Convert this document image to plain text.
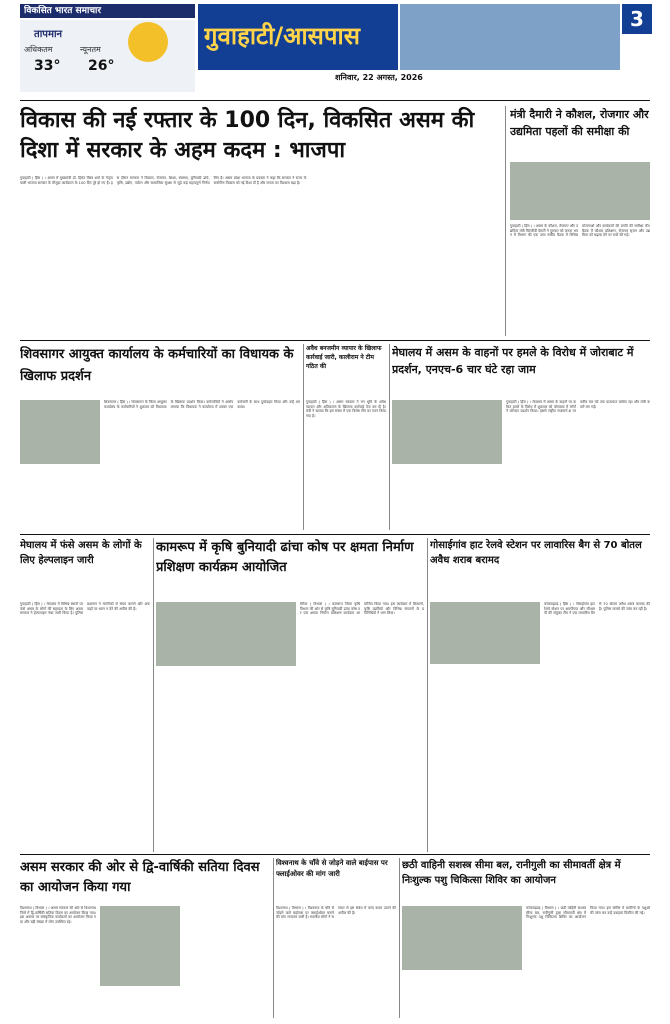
विकसित भारत समाचार
तापमान
अधिकतम	न्यूनतम
33°	26°
गुवाहाटी/आसपास
3
शनिवार, 22 अगस्त, 2026
विकास की नई रफ्तार के 100 दिन, विकसित असम की दिशा में सरकार के अहम कदम : भाजपा
गुवाहाटी ( हिंस ) । असम में मुख्यमंत्री डॉ. हिमंत बिस्व शर्मा के नेतृत्व वाली भाजपा सरकार के मौजूदा कार्यकाल के 100 दिन पूरे हो गए हैं। इस दौरान सरकार ने विकास, रोजगार, शिक्षा, स्वास्थ्य, बुनियादी ढांचे, कृषि, उद्योग, पर्यटन और सामाजिक सुरक्षा से जुड़े कई महत्वपूर्ण निर्णय लिए हैं। असम प्रदेश भाजपा के प्रवक्ता ने कहा कि सरकार ने राज्य के सर्वांगीण विकास को नई दिशा दी है और जनता का विश्वास बढ़ा है।
मंत्री दैमारी ने कौशल, रोजगार और उद्यमिता पहलों की समीक्षा की
गुवाहाटी ( हिंस ) । असम के कौशल, रोजगार और उद्यमिता मंत्री चिरंजीवी दैमारी ने गुरुवार को जनता भवन में विभाग की एक उच्च स्तरीय बैठक में विभिन्न योजनाओं और कार्यक्रमों की प्रगति की समीक्षा की। बैठक में कौशल प्रशिक्षण, रोजगार सृजन और उद्यमिता को बढ़ावा देने पर चर्चा की गई।
शिवसागर आयुक्त कार्यालय के कर्मचारियों का विधायक के खिलाफ प्रदर्शन
शिवसागर ( हिंस ) । शिवसागर के जिला आयुक्त कार्यालय के कर्मचारियों ने शुक्रवार को विधायक के खिलाफ प्रदर्शन किया। कर्मचारियों ने आरोप लगाया कि विधायक ने कार्यालय में आकर एक कर्मचारी के साथ दुर्व्यवहार किया और उन्हें धमकाया।
अवैध बनजमीन व्यापार के खिलाफ कार्रवाई जारी, कालीराम ने टीम गठित की
गुवाहाटी ( हिंस ) । असम सरकार ने वन भूमि के अवैध व्यापार और अतिक्रमण के खिलाफ कार्रवाई तेज कर दी है। मंत्री ने बताया कि इस संबंध में एक विशेष टीम का गठन किया गया है।
मेघालय में असम के वाहनों पर हमले के विरोध में जोराबाट में प्रदर्शन, एनएच-6 चार घंटे रहा जाम
गुवाहाटी ( हिंस ) । मेघालय में असम के वाहनों पर कथित हमले के विरोध में शुक्रवार को जोराबाट में लोगों ने जोरदार प्रदर्शन किया। इससे राष्ट्रीय राजमार्ग-6 पर करीब चार घंटे तक यातायात बाधित रहा और लंबी कतारें लग गईं।
मेघालय में फंसे असम के लोगों के लिए हेल्पलाइन जारी
गुवाहाटी ( हिंस ) । मेघालय में विभिन्न स्थानों पर फंसे असम के लोगों की सहायता के लिए असम सरकार ने हेल्पलाइन नंबर जारी किया है। पुलिस प्रशासन ने नागरिकों से संयम बरतने और अफवाहों पर ध्यान न देने की अपील की है।
कामरूप में कृषि बुनियादी ढांचा कोष पर क्षमता निर्माण प्रशिक्षण कार्यक्रम आयोजित
रंगिया ( विभास ) । कामरूप जिला कृषि विभाग की ओर से कृषि बुनियादी ढांचा कोष पर एक क्षमता निर्माण प्रशिक्षण कार्यक्रम आयोजित किया गया। इस कार्यक्रम में किसानों, कृषि उद्यमियों और विभिन्न संगठनों के प्रतिनिधियों ने भाग लिया।
गोसाईगांव हाट रेलवे स्टेशन पर लावारिस बैग से 70 बोतल अवैध शराब बरामद
कोकराझाड़ ( हिंस ) । गोसाईगांव हाट रेलवे स्टेशन पर आरपीएफ और जीआरपी की संयुक्त टीम ने एक लावारिस बैग से 70 बोतल अवैध शराब बरामद की है। पुलिस मामले की जांच कर रही है।
असम सरकार की ओर से द्वि-वार्षिकी सतिया दिवस का आयोजन किया गया
विश्वनाथ ( विभास ) । असम सरकार की ओर से विश्वनाथ जिले में द्वि-वार्षिकी सतिया दिवस का आयोजन किया गया। इस अवसर पर सांस्कृतिक कार्यक्रमों का आयोजन किया गया और बड़ी संख्या में लोग उपस्थित रहे।
विश्वनाथ के चाँवे से जोड़ने वाले बाईपास पर फ्लाईओवर की मांग जारी
विश्वनाथ ( विभास ) । विश्वनाथ के चाँवे से जोड़ने वाले बाईपास पर फ्लाईओवर बनाने की मांग लगातार जारी है। स्थानीय लोगों ने सरकार से इस संबंध में जल्द कदम उठाने की अपील की है।
छठी वाहिनी सशस्त्र सीमा बल, रानीगुली का सीमावर्ती क्षेत्र में निःशुल्क पशु चिकित्सा शिविर का आयोजन
कोकराझाड़ ( विभास ) । छठी वाहिनी सशस्त्र सीमा बल, रानीगुली द्वारा सीमावर्ती क्षेत्र में निःशुल्क पशु चिकित्सा शिविर का आयोजन किया गया। इस शिविर में ग्रामीणों के पशुओं की जांच कर उन्हें दवाइयां वितरित की गईं।
